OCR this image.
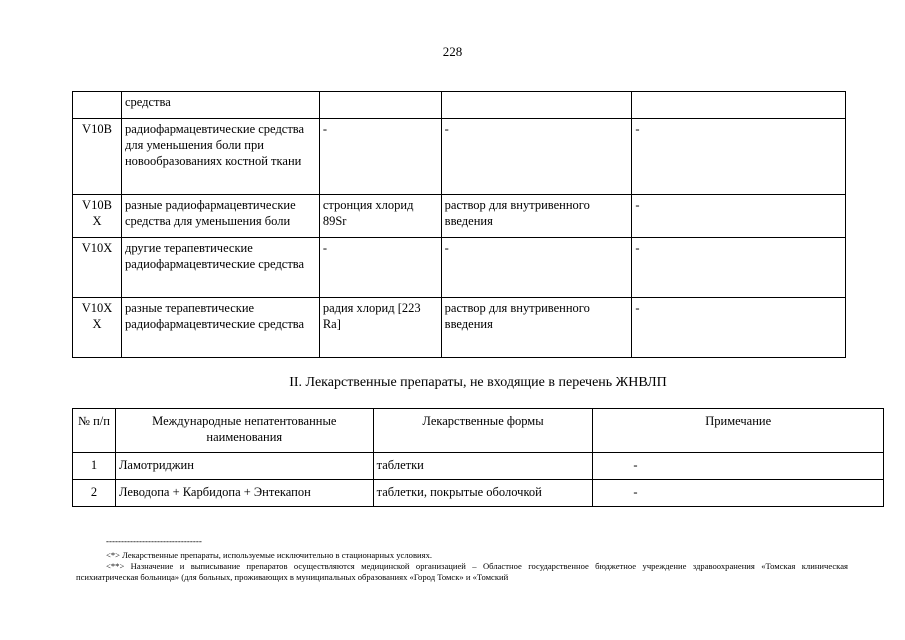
228
	средства			
V10B	радиофармацевтические средства для уменьшения боли при новообразованиях костной ткани	-	-	-
V10B X	разные радиофармацевтические средства для уменьшения боли	стронция хлорид 89Sr	раствор для внутривенного введения	-
V10X	другие терапевтические радиофармацевтические средства	-	-	-
V10X X	разные терапевтические радиофармацевтические средства	радия хлорид [223 Ra]	раствор для внутривенного введения	-
II. Лекарственные препараты, не входящие в перечень ЖНВЛП
№ п/п	Международные непатентованные наименования	Лекарственные формы	Примечание
1	Ламотриджин	таблетки	-
2	Леводопа + Карбидопа + Энтекапон	таблетки, покрытые оболочкой	-
--------------------------------
<*> Лекарственные препараты, используемые исключительно в стационарных условиях.
<**> Назначение и выписывание препаратов осуществляются медицинской организацией – Областное государственное бюджетное учреждение здравоохранения «Томская клиническая психиатрическая больница» (для больных, проживающих в муниципальных образованиях «Город Томск» и «Томский
